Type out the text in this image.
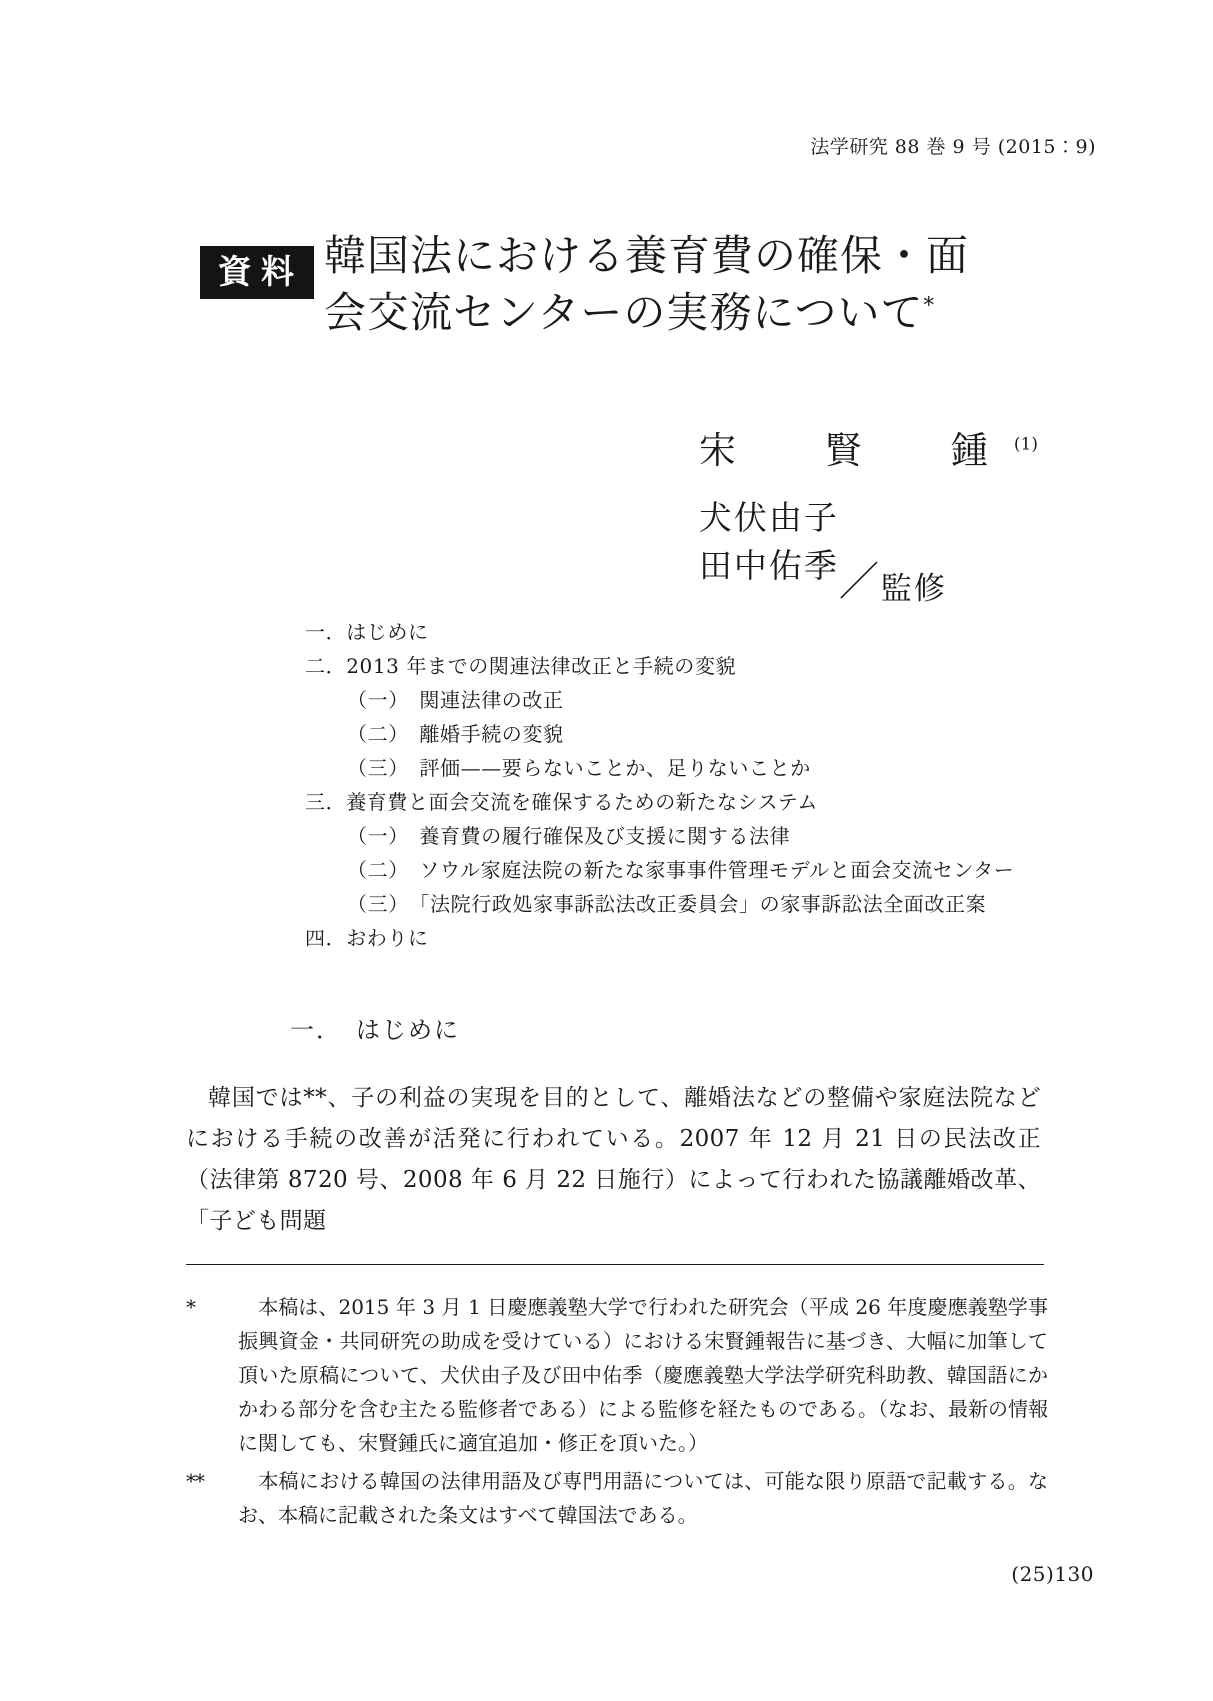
法学研究 88 巻 9 号 (2015：9)
資料 韓国法における養育費の確保・面
会交流センターの実務について*
宋　賢　鍾$^{(1)}$
犬伏由子
田中佑季／監修
一．はじめに
二．2013 年までの関連法律改正と手続の変貌
（一）　関連法律の改正
（二）　離婚手続の変貌
（三）　評価——要らないことか、足りないことか
三．養育費と面会交流を確保するための新たなシステム
（一）　養育費の履行確保及び支援に関する法律
（二）　ソウル家庭法院の新たな家事事件管理モデルと面会交流センター
（三）　「法院行政処家事訴訟法改正委員会」の家事訴訟法全面改正案
四．おわりに
一．　はじめに
韓国では**、子の利益の実現を目的として、離婚法などの整備や家庭法院などにおける手続の改善が活発に行われている。2007 年 12 月 21 日の民法改正（法律第 8720 号、2008 年 6 月 22 日施行）によって行われた協議離婚改革、「子ども問題
*	　本稿は、2015 年 3 月 1 日慶應義塾大学で行われた研究会（平成 26 年度慶應義塾学事振興資金・共同研究の助成を受けている）における宋賢鍾報告に基づき、大幅に加筆して頂いた原稿について、犬伏由子及び田中佑季（慶應義塾大学法学研究科助教、韓国語にかかわる部分を含む主たる監修者である）による監修を経たものである。（なお、最新の情報に関しても、宋賢鍾氏に適宜追加・修正を頂いた。）
**	　本稿における韓国の法律用語及び専門用語については、可能な限り原語で記載する。なお、本稿に記載された条文はすべて韓国法である。
(25)130
